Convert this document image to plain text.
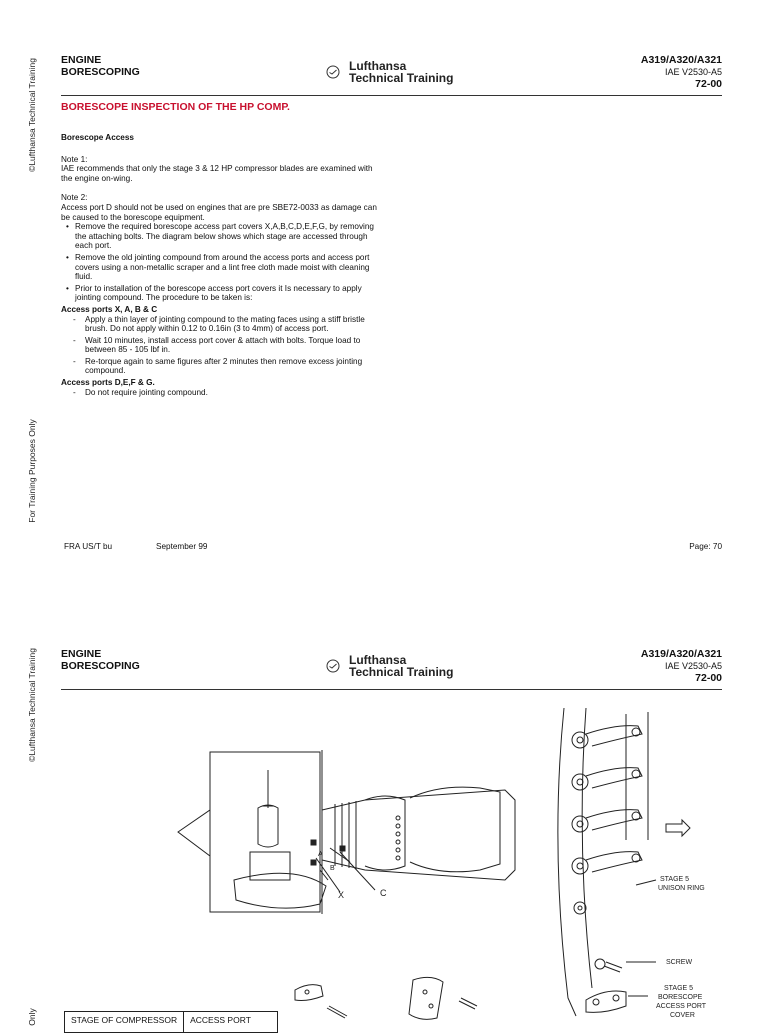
©Lufthansa Technical Training
For Training Purposes Only
©Lufthansa Technical Training
Only
ENGINE
BORESCOPING	Lufthansa
Technical Training
A319/A320/A321
IAE V2530-A5
72-00
BORESCOPE INSPECTION OF THE HP COMP.
Borescope Access
Note 1:
IAE recommends that only the stage 3 & 12 HP compressor blades are examined with the engine on-wing.
Note 2:
Access port D should not be used on engines that are pre SBE72-0033 as damage can be caused to the borescope equipment.
• Remove the required borescope access part covers X,A,B,C,D,E,F,G, by removing the attaching bolts. The diagram below shows which stage are accessed through each port.
• Remove the old jointing compound from around the access ports and access port covers using a non-metallic scraper and a lint free cloth made moist with cleaning fluid.
• Prior to installation of the borescope access port covers it Is necessary to apply jointing compound. The procedure to be taken is:
Access ports X, A, B & C
- Apply a thin layer of jointing compound to the mating faces using a stiff bristle brush. Do not apply within 0.12 to 0.16in (3 to 4mm) of access port.
- Wait 10 minutes, install access port cover & attach with bolts. Torque load to between 85 - 105 lbf in.
- Re-torque again to same figures after 2 minutes then remove excess jointing compound.
Access ports D,E,F & G.
- Do not require jointing compound.
FRA US/T bu	September 99	Page: 70
ENGINE
BORESCOPING	Lufthansa
Technical Training
A319/A320/A321
IAE V2530-A5
72-00
X	C
B
A
STAGE 5
UNISON RING
SCREW
STAGE 5
BORESCOPE
ACCESS PORT
COVER
STAGE OF COMPRESSOR	ACCESS PORT
